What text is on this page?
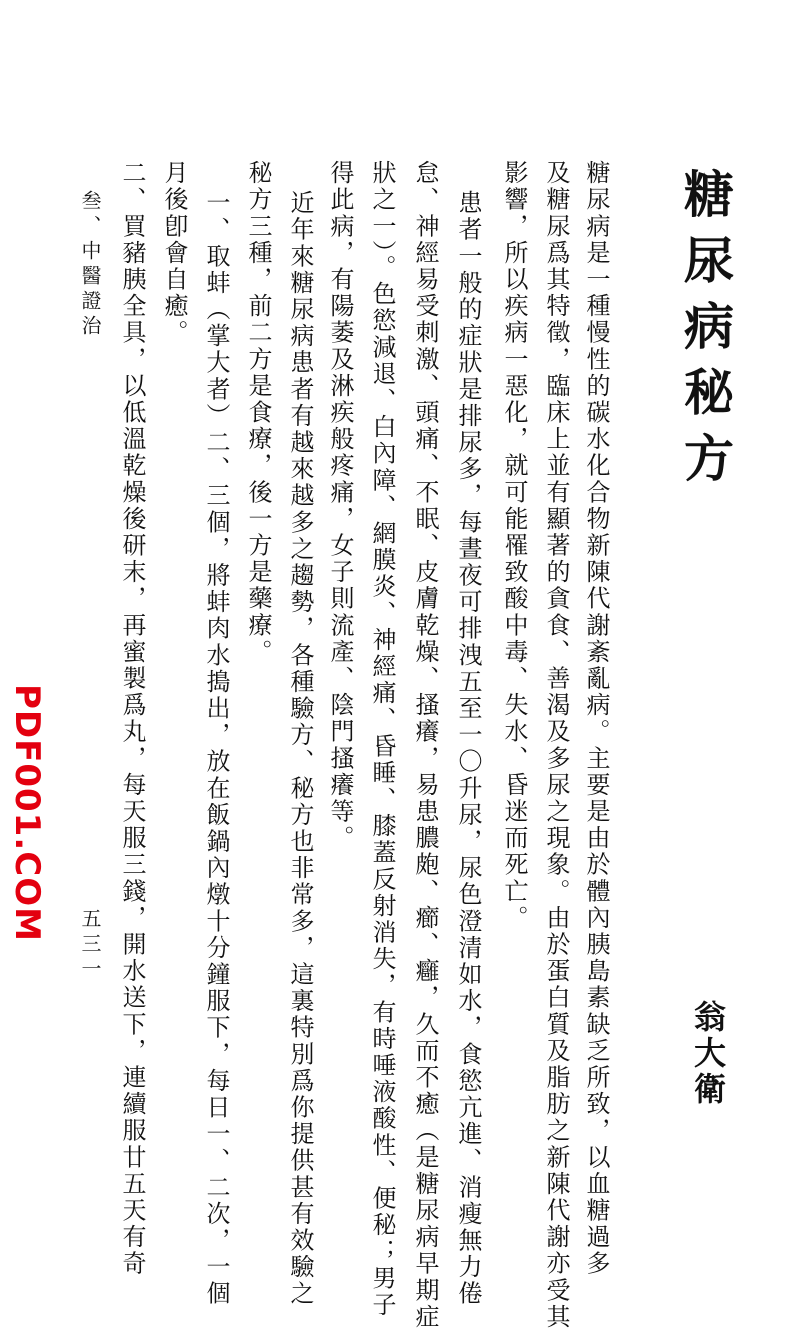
糖尿病秘方
翁大衛
糖尿病是一種慢性的碳水化合物新陳代謝紊亂病。主要是由於體內胰島素缺乏所致，以血糖過多
及糖尿爲其特徵，臨床上並有顯著的貪食、善渴及多尿之現象。由於蛋白質及脂肪之新陳代謝亦受其
影響，所以疾病一惡化，就可能罹致酸中毒、失水、昏迷而死亡。
患者一般的症狀是排尿多，每晝夜可排洩五至一〇升尿，尿色澄清如水，食慾亢進、消瘦無力倦
怠、神經易受刺激、頭痛、不眠、皮膚乾燥、搔癢，易患膿皰、癤、癰，久而不癒（是糖尿病早期症
狀之一）。色慾減退、白內障、網膜炎、神經痛、昏睡、膝蓋反射消失，有時唾液酸性、便秘；男子
得此病，有陽萎及淋疾般疼痛，女子則流產、陰門搔癢等。
近年來糖尿病患者有越來越多之趨勢，各種驗方、秘方也非常多，這裏特別爲你提供甚有效驗之
秘方三種，前二方是食療，後一方是藥療。
一、取蚌（掌大者）二、三個，將蚌肉水搗出，放在飯鍋內燉十分鐘服下，每日一、二次，一個
月後卽會自癒。
二、買豬胰全具，以低溫乾燥後研末，再蜜製爲丸，每天服三錢，開水送下，連續服廿五天有奇
叁、中醫證治
五三一
PDF001.COM
